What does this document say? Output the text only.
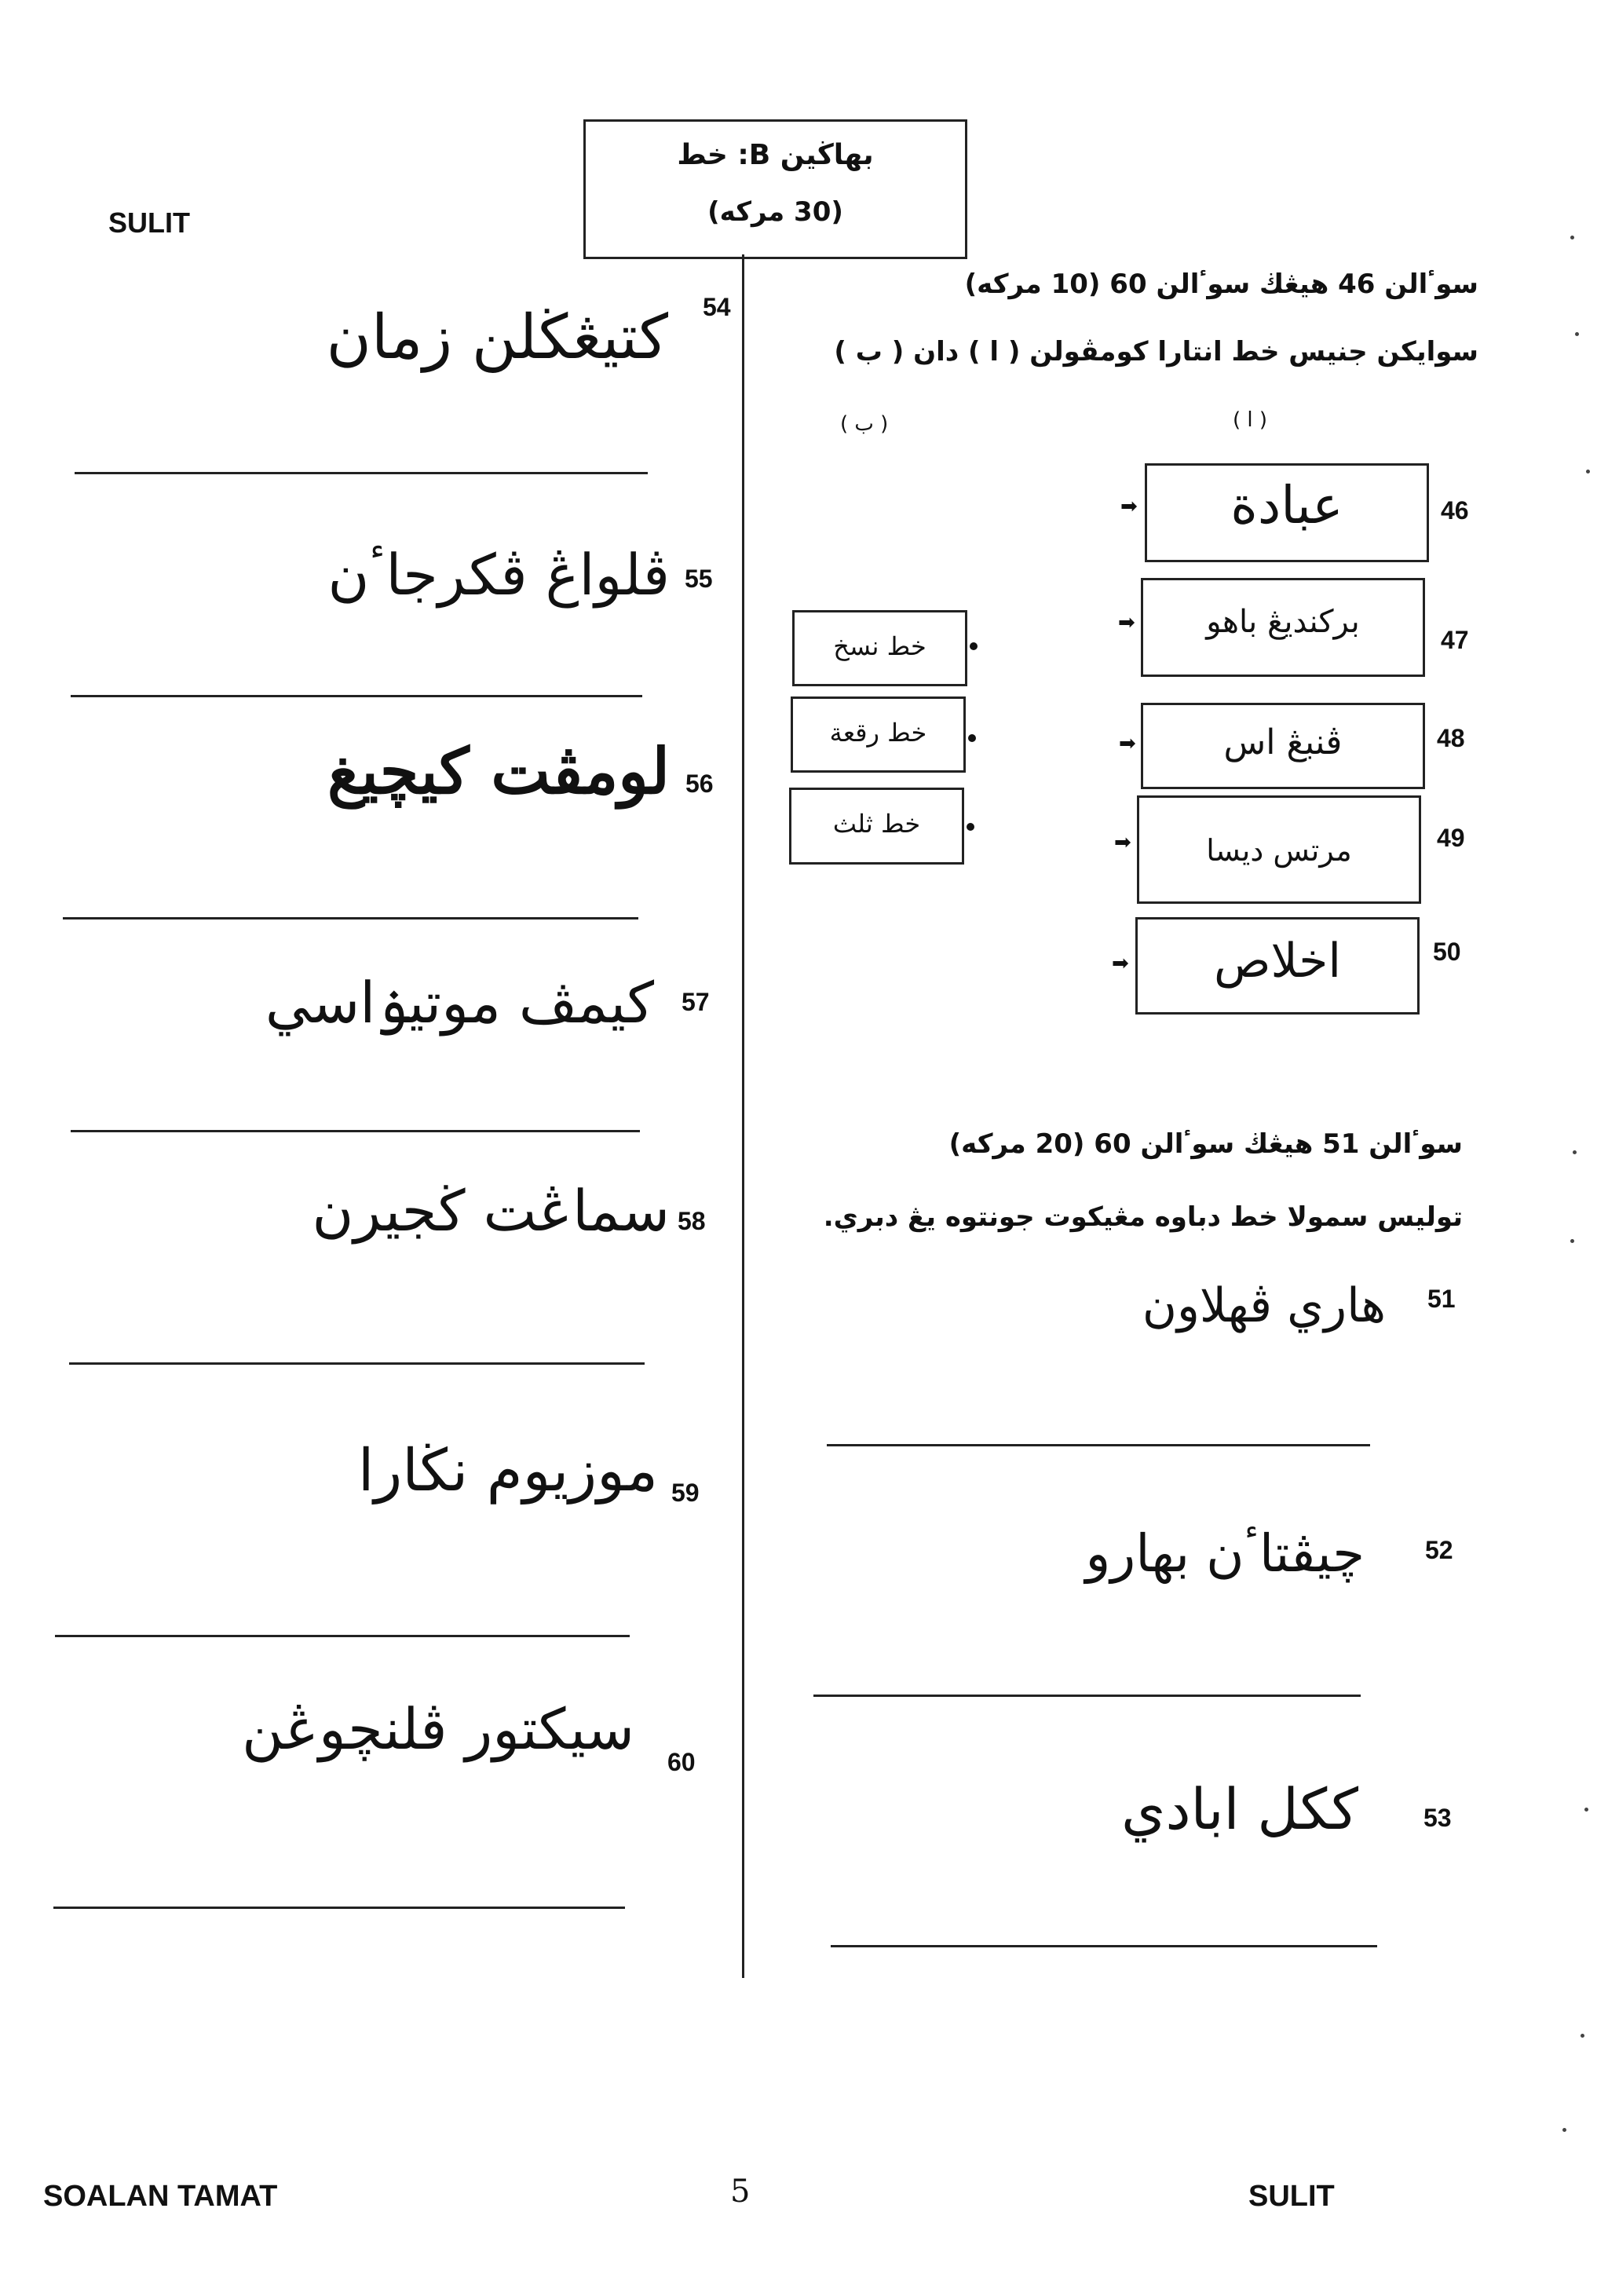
SULIT
بهاڬين B: خط
(30 مركه)
سوٴالن 46 هيڠڬ سوٴالن 60 (10 مركه)
سوايكن جنيس خط انتارا كومڤولن ( ا ) دان ( ب )
( ا )
( ب )
46
عبادة
➡
47
بركنديڠ باهو
➡
48
ڤنبڠ اس
➡
49
مرتس ديسا
➡
50
اخلاص
➡
خط نسخ
خط رقعة
خط ثلث
سوٴالن 51 هيڠڬ سوٴالن 60 (20 مركه)
توليس سمولا خط دباوه مڠيكوت جونتوه يڠ دبري.
51
هاري ڤهلاون
52
چيڤتاٴن بهارو
53
ككل ابادي
54
كتيڠڬلن زمان
55
ڤلواڠ ڤكرجاٴن
56
لومڤت كيچيغ
57
كيمڤ موتيۏاسي
58
سماڠت ڬجيرن
59
موزيوم نڬارا
60
سيكتور ڤلنچوڠن
SOALAN TAMAT	5	SULIT
